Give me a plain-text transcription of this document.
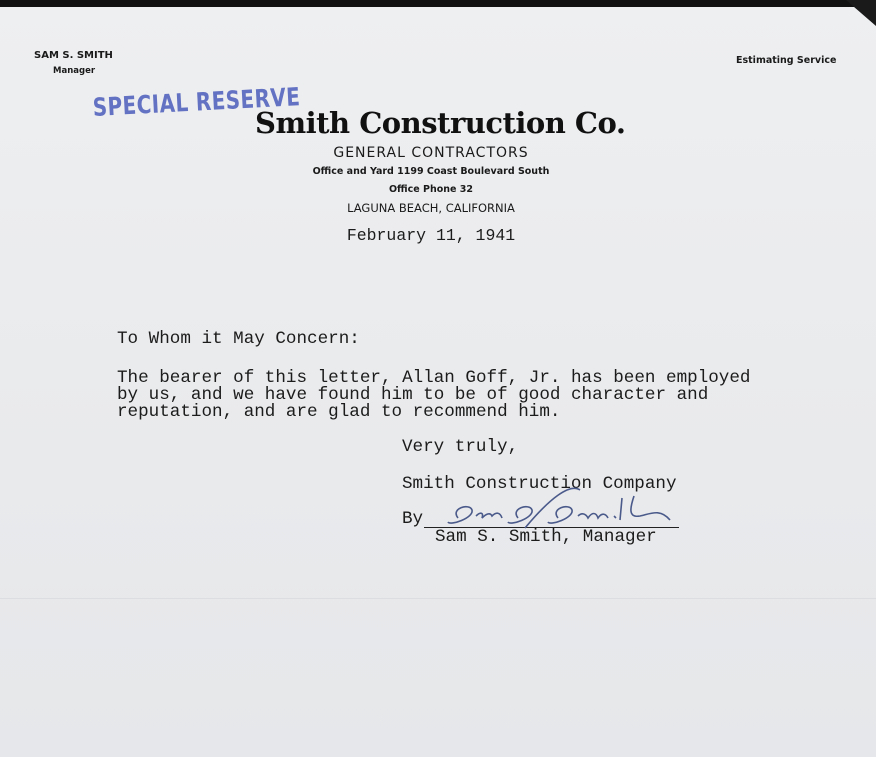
SAM S. SMITH
Manager
Estimating Service
SPECIAL RESERVE
Smith Construction Co.
GENERAL CONTRACTORS
Office and Yard 1199 Coast Boulevard South
Office Phone 32
LAGUNA BEACH, CALIFORNIA
February 11, 1941
To Whom it May Concern:
The bearer of this letter, Allan Goff, Jr. has been employed
by us, and we have found him to be of good character and
reputation, and are glad to recommend him.
Very truly,
Smith Construction Company
By
Sam S. Smith, Manager
